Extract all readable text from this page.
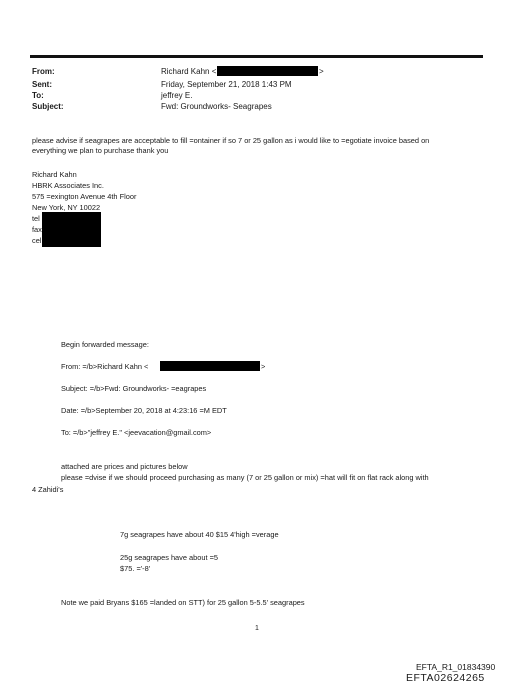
From:	Richard Kahn <	>
Sent:	Friday, September 21, 2018 1:43 PM
To:	jeffrey E.
Subject:	Fwd: Groundworks- Seagrapes
please advise if seagrapes are acceptable to fill =ontainer if so 7 or 25 gallon as i would like to =egotiate invoice based on
everything we plan to purchase thank you
Richard Kahn
HBRK Associates Inc.
575 =exington Avenue 4th Floor
New York, NY 10022
tel
fax
cel
Begin forwarded message:
From: =/b>Richard Kahn <	>
Subject: =/b>Fwd: Groundworks- =eagrapes
Date: =/b>September 20, 2018 at 4:23:16 =M EDT
To: =/b>"jeffrey E." <jeevacation@gmail.com>
attached are prices and pictures below
please =dvise if we should proceed purchasing as many (7 or 25 gallon or mix) =hat will fit on flat rack along with
4 Zahidi's
7g seagrapes have about 40 $15 4'high =verage
25g seagrapes have about =5
$75. ='-8'
Note we paid Bryans $165 =landed on STT) for 25 gallon 5-5.5' seagrapes
1
EFTA_R1_01834390
EFTA02624265
